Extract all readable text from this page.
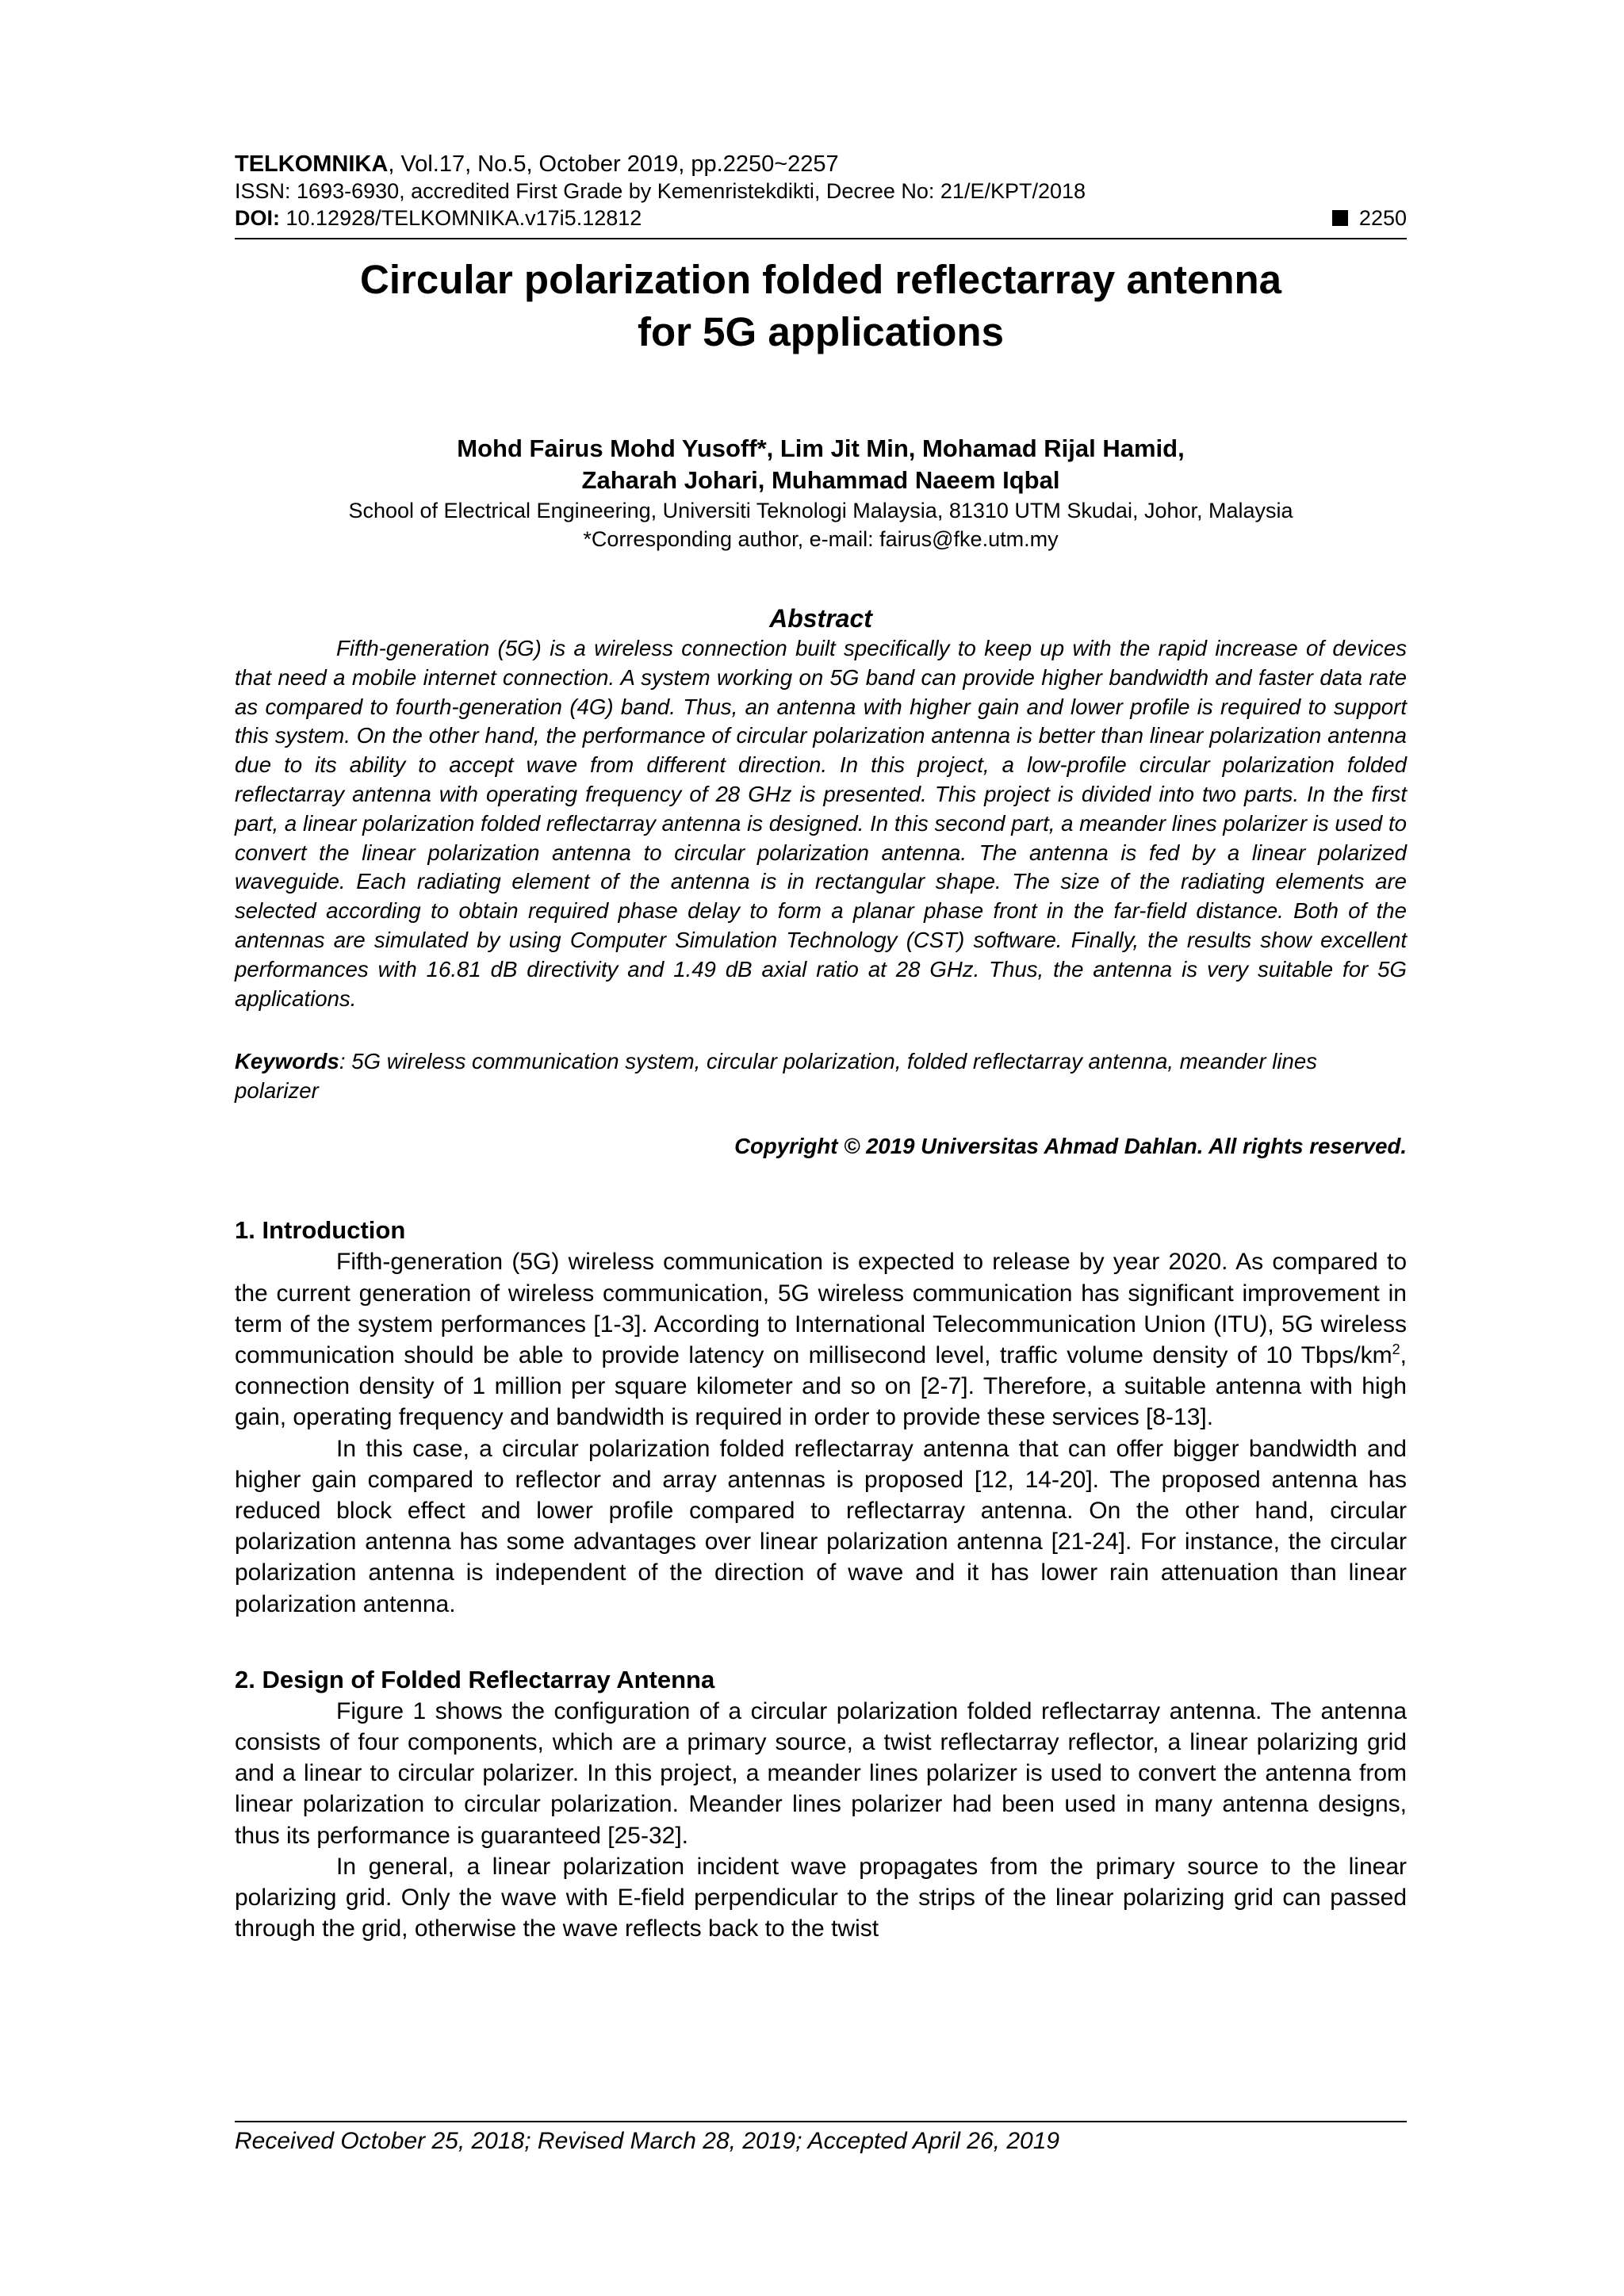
TELKOMNIKA, Vol.17, No.5, October 2019, pp.2250~2257
ISSN: 1693-6930, accredited First Grade by Kemenristekdikti, Decree No: 21/E/KPT/2018
DOI: 10.12928/TELKOMNIKA.v17i5.12812	2250
Circular polarization folded reflectarray antenna
for 5G applications
Mohd Fairus Mohd Yusoff*, Lim Jit Min, Mohamad Rijal Hamid,
Zaharah Johari, Muhammad Naeem Iqbal
School of Electrical Engineering, Universiti Teknologi Malaysia, 81310 UTM Skudai, Johor, Malaysia
*Corresponding author, e-mail: fairus@fke.utm.my
Abstract

Fifth-generation (5G) is a wireless connection built specifically to keep up with the rapid increase of devices that need a mobile internet connection. A system working on 5G band can provide higher bandwidth and faster data rate as compared to fourth-generation (4G) band. Thus, an antenna with higher gain and lower profile is required to support this system. On the other hand, the performance of circular polarization antenna is better than linear polarization antenna due to its ability to accept wave from different direction. In this project, a low-profile circular polarization folded reflectarray antenna with operating frequency of 28 GHz is presented. This project is divided into two parts. In the first part, a linear polarization folded reflectarray antenna is designed. In this second part, a meander lines polarizer is used to convert the linear polarization antenna to circular polarization antenna. The antenna is fed by a linear polarized waveguide. Each radiating element of the antenna is in rectangular shape. The size of the radiating elements are selected according to obtain required phase delay to form a planar phase front in the far-field distance. Both of the antennas are simulated by using Computer Simulation Technology (CST) software. Finally, the results show excellent performances with 16.81 dB directivity and 1.49 dB axial ratio at 28 GHz. Thus, the antenna is very suitable for 5G applications.

Keywords: 5G wireless communication system, circular polarization, folded reflectarray antenna, meander lines polarizer
Copyright © 2019 Universitas Ahmad Dahlan. All rights reserved.
1. Introduction

Fifth-generation (5G) wireless communication is expected to release by year 2020. As compared to the current generation of wireless communication, 5G wireless communication has significant improvement in term of the system performances [1-3]. According to International Telecommunication Union (ITU), 5G wireless communication should be able to provide latency on millisecond level, traffic volume density of 10 Tbps/$km^2$, connection density of 1 million per square kilometer and so on [2-7]. Therefore, a suitable antenna with high gain, operating frequency and bandwidth is required in order to provide these services [8-13].

In this case, a circular polarization folded reflectarray antenna that can offer bigger bandwidth and higher gain compared to reflector and array antennas is proposed [12, 14-20]. The proposed antenna has reduced block effect and lower profile compared to reflectarray antenna. On the other hand, circular polarization antenna has some advantages over linear polarization antenna [21-24]. For instance, the circular polarization antenna is independent of the direction of wave and it has lower rain attenuation than linear polarization antenna.

2. Design of Folded Reflectarray Antenna

Figure 1 shows the configuration of a circular polarization folded reflectarray antenna. The antenna consists of four components, which are a primary source, a twist reflectarray reflector, a linear polarizing grid and a linear to circular polarizer. In this project, a meander lines polarizer is used to convert the antenna from linear polarization to circular polarization. Meander lines polarizer had been used in many antenna designs, thus its performance is guaranteed [25-32].

In general, a linear polarization incident wave propagates from the primary source to the linear polarizing grid. Only the wave with E-field perpendicular to the strips of the linear polarizing grid can passed through the grid, otherwise the wave reflects back to the twist

Received October 25, 2018; Revised March 28, 2019; Accepted April 26, 2019
